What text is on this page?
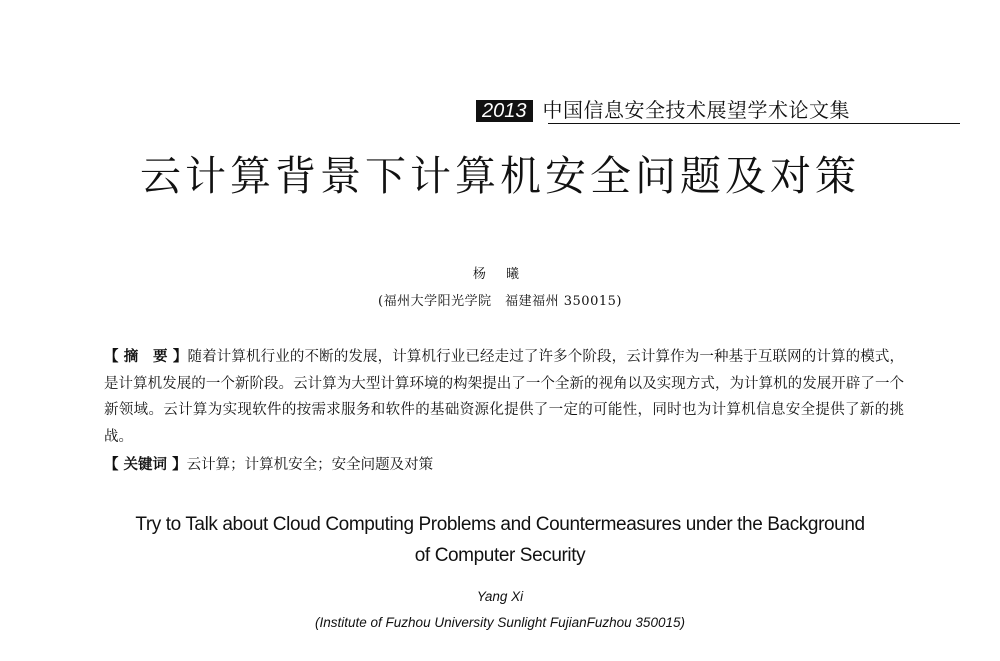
2013 中国信息安全技术展望学术论文集
云计算背景下计算机安全问题及对策
杨 曦
(福州大学阳光学院　福建福州 350015)
【 摘　要 】随着计算机行业的不断的发展，计算机行业已经走过了许多个阶段，云计算作为一种基于互联网的计算的模式，是计算机发展的一个新阶段。云计算为大型计算环境的构架提出了一个全新的视角以及实现方式，为计算机的发展开辟了一个新领域。云计算为实现软件的按需求服务和软件的基础资源化提供了一定的可能性，同时也为计算机信息安全提供了新的挑战。
【 关键词 】云计算；计算机安全；安全问题及对策
Try to Talk about Cloud Computing Problems and Countermeasures under the Background of Computer Security
Yang Xi
(Institute of Fuzhou University Sunlight FujianFuzhou 350015)
